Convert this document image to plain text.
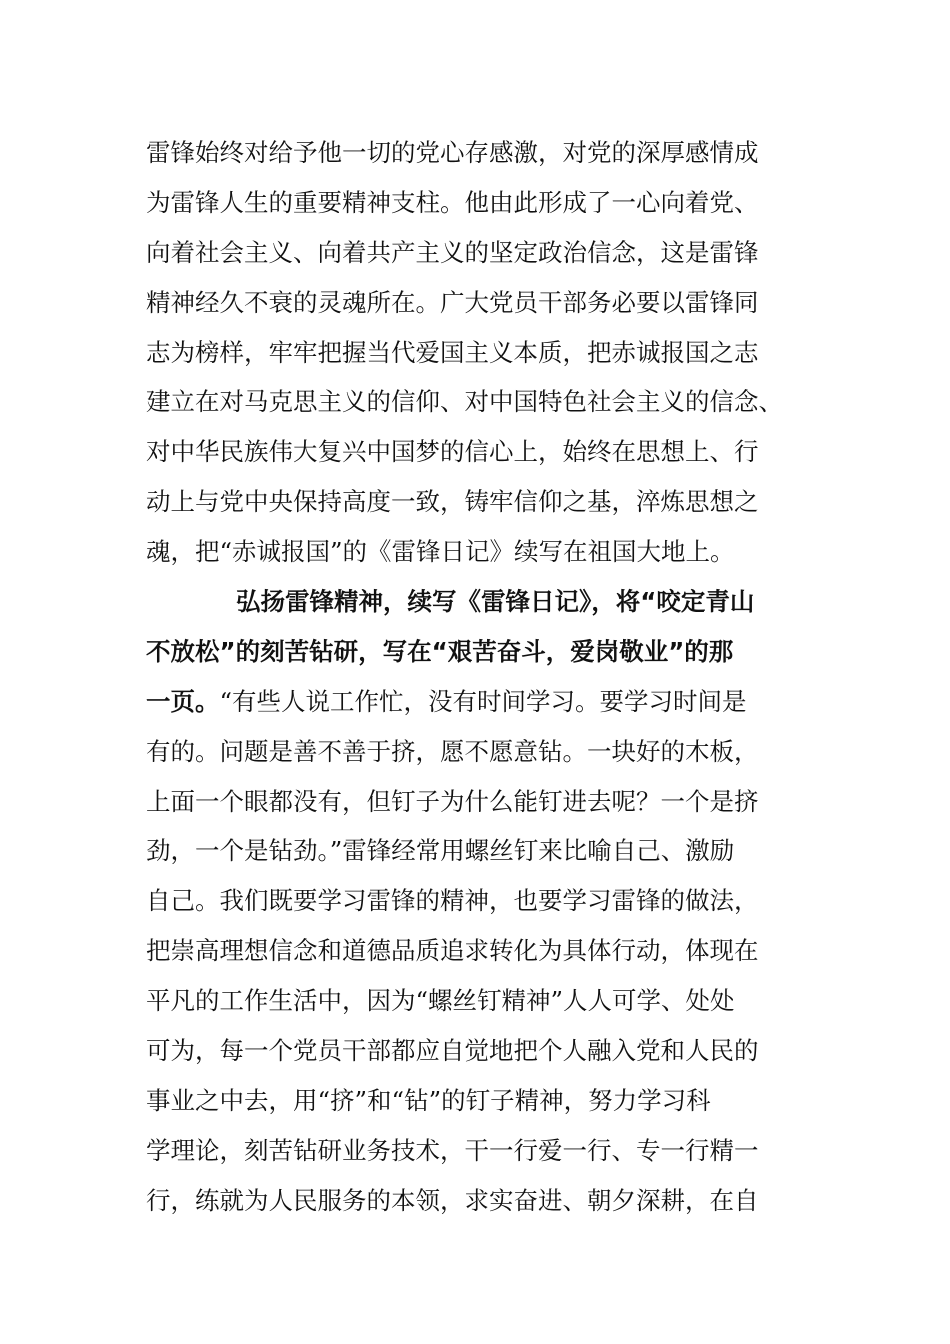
雷锋始终对给予他一切的党心存感激，对党的深厚感情成
为雷锋人生的重要精神支柱。他由此形成了一心向着党、
向着社会主义、向着共产主义的坚定政治信念，这是雷锋
精神经久不衰的灵魂所在。广大党员干部务必要以雷锋同
志为榜样，牢牢把握当代爱国主义本质，把赤诚报国之志
建立在对马克思主义的信仰、对中国特色社会主义的信念、
对中华民族伟大复兴中国梦的信心上，始终在思想上、行
动上与党中央保持高度一致，铸牢信仰之基，淬炼思想之
魂，把“赤诚报国”的《雷锋日记》续写在祖国大地上。
弘扬雷锋精神，续写《雷锋日记》，将“咬定青山
不放松”的刻苦钻研，写在“艰苦奋斗，爱岗敬业”的那
一页。“有些人说工作忙，没有时间学习。要学习时间是
有的。问题是善不善于挤，愿不愿意钻。一块好的木板，
上面一个眼都没有，但钉子为什么能钉进去呢？一个是挤
劲，一个是钻劲。”雷锋经常用螺丝钉来比喻自己、激励
自己。我们既要学习雷锋的精神，也要学习雷锋的做法，
把崇高理想信念和道德品质追求转化为具体行动，体现在
平凡的工作生活中，因为“螺丝钉精神”人人可学、处处
可为，每一个党员干部都应自觉地把个人融入党和人民的
事业之中去，用“挤”和“钻”的钉子精神，努力学习科
学理论，刻苦钻研业务技术，干一行爱一行、专一行精一
行，练就为人民服务的本领，求实奋进、朝夕深耕，在自
